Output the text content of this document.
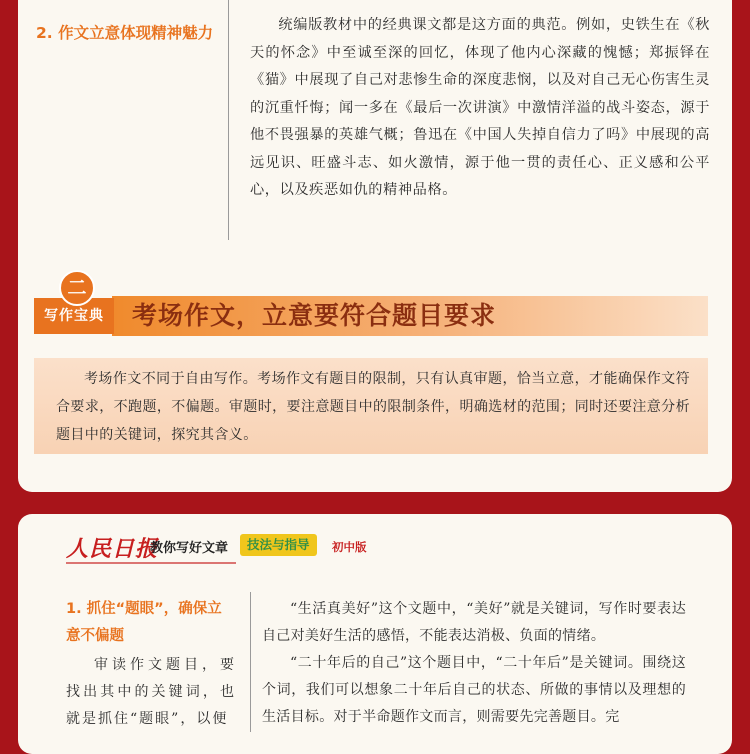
2. 作文立意体现精神魅力	统编版教材中的经典课文都是这方面的典范。例如，史铁生在《秋天的怀念》中至诚至深的回忆，体现了他内心深藏的愧憾；郑振铎在《猫》中展现了自己对悲惨生命的深度悲悯，以及对自己无心伤害生灵的沉重忏悔；闻一多在《最后一次讲演》中激情洋溢的战斗姿态，源于他不畏强暴的英雄气概；鲁迅在《中国人失掉自信力了吗》中展现的高远见识、旺盛斗志、如火激情，源于他一贯的责任心、正义感和公平心，以及疾恶如仇的精神品格。

写作宝典
二
考场作文，立意要符合题目要求

考场作文不同于自由写作。考场作文有题目的限制，只有认真审题，恰当立意，才能确保作文符合要求，不跑题，不偏题。审题时，要注意题目中的限制条件，明确选材的范围；同时还要注意分析题目中的关键词，探究其含义。

人民日报
教你写好文章	技法与指导	初中版
1. 抓住“题眼”，确保立意不偏题

审读作文题目，要找出其中的关键词，也就是抓住“题眼”，以便

“生活真美好”这个文题中，“美好”就是关键词，写作时要表达自己对美好生活的感悟，不能表达消极、负面的情绪。

“二十年后的自己”这个题目中，“二十年后”是关键词。围绕这个词，我们可以想象二十年后自己的状态、所做的事情以及理想的生活目标。对于半命题作文而言，则需要先完善题目。完
